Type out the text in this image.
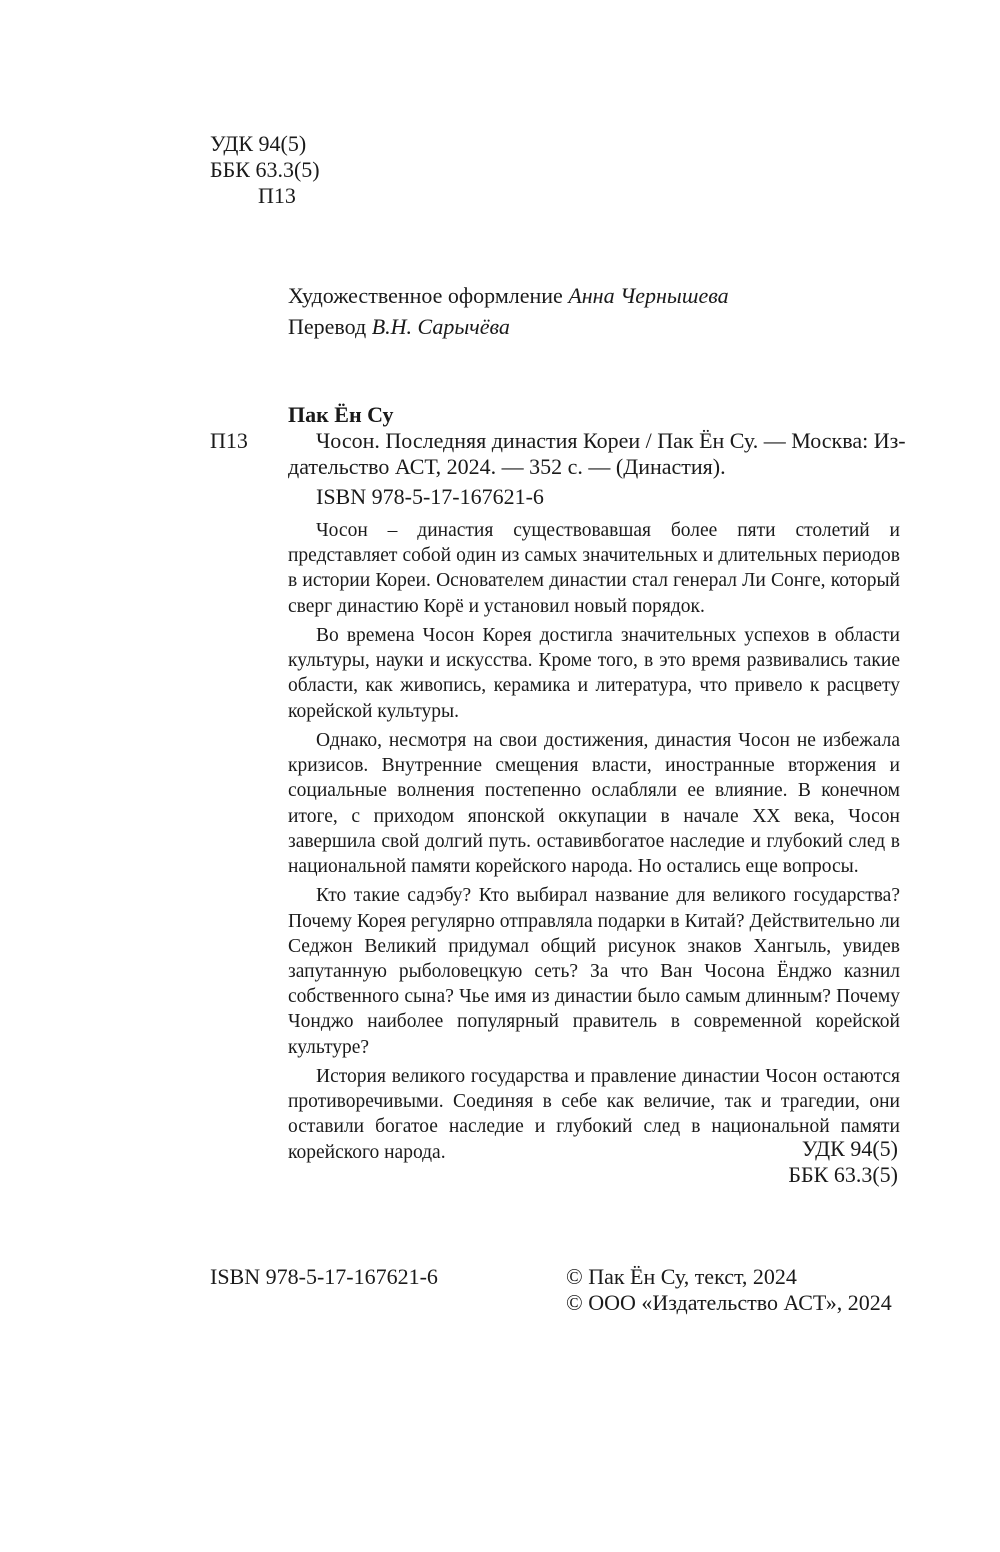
УДК 94(5)
ББК 63.3(5)
П13
Художественное оформление Анна Чернышева
Перевод В.Н. Сарычёва
Пак Ён Су
П13	Чосон. Последняя династия Кореи / Пак Ён Су. — Москва: Из-
дательство АСТ, 2024. — 352 с. — (Династия).
ISBN 978-5-17-167621-6

Чосон – династия существовавшая более пяти столетий и представляет собой один из самых значительных и длительных периодов в истории Кореи. Основателем династии стал генерал Ли Сонге, который сверг династию Корё и установил новый порядок.

Во времена Чосон Корея достигла значительных успехов в области культуры, науки и искусства. Кроме того, в это время развивались такие области, как живопись, керамика и литература, что привело к расцвету корейской культуры.

Однако, несмотря на свои достижения, династия Чосон не избежала кризисов. Внутренние смещения власти, иностранные вторжения и социальные волнения постепенно ослабляли ее влияние. В конечном итоге, с приходом японской оккупации в начале XX века, Чосон завершила свой долгий путь. оставивбогатое наследие и глубокий след в национальной памяти корейского народа. Но остались еще вопросы.

Кто такие садэбу? Кто выбирал название для великого государства? Почему Корея регулярно отправляла подарки в Китай? Действительно ли Седжон Великий придумал общий рисунок знаков Хангыль, увидев запутанную рыболовецкую сеть? За что Ван Чосона Ёнджо казнил собственного сына? Чье имя из династии было самым длинным? Почему Чонджо наиболее популярный правитель в современной корейской культуре?

История великого государства и правление династии Чосон остаются противоречивыми. Соединяя в себе как величие, так и трагедии, они оставили богатое наследие и глубокий след в национальной памяти корейского народа.	УДК 94(5)
ББК 63.3(5)
ISBN 978-5-17-167621-6	© Пак Ён Су, текст, 2024
© ООО «Издательство АСТ», 2024
